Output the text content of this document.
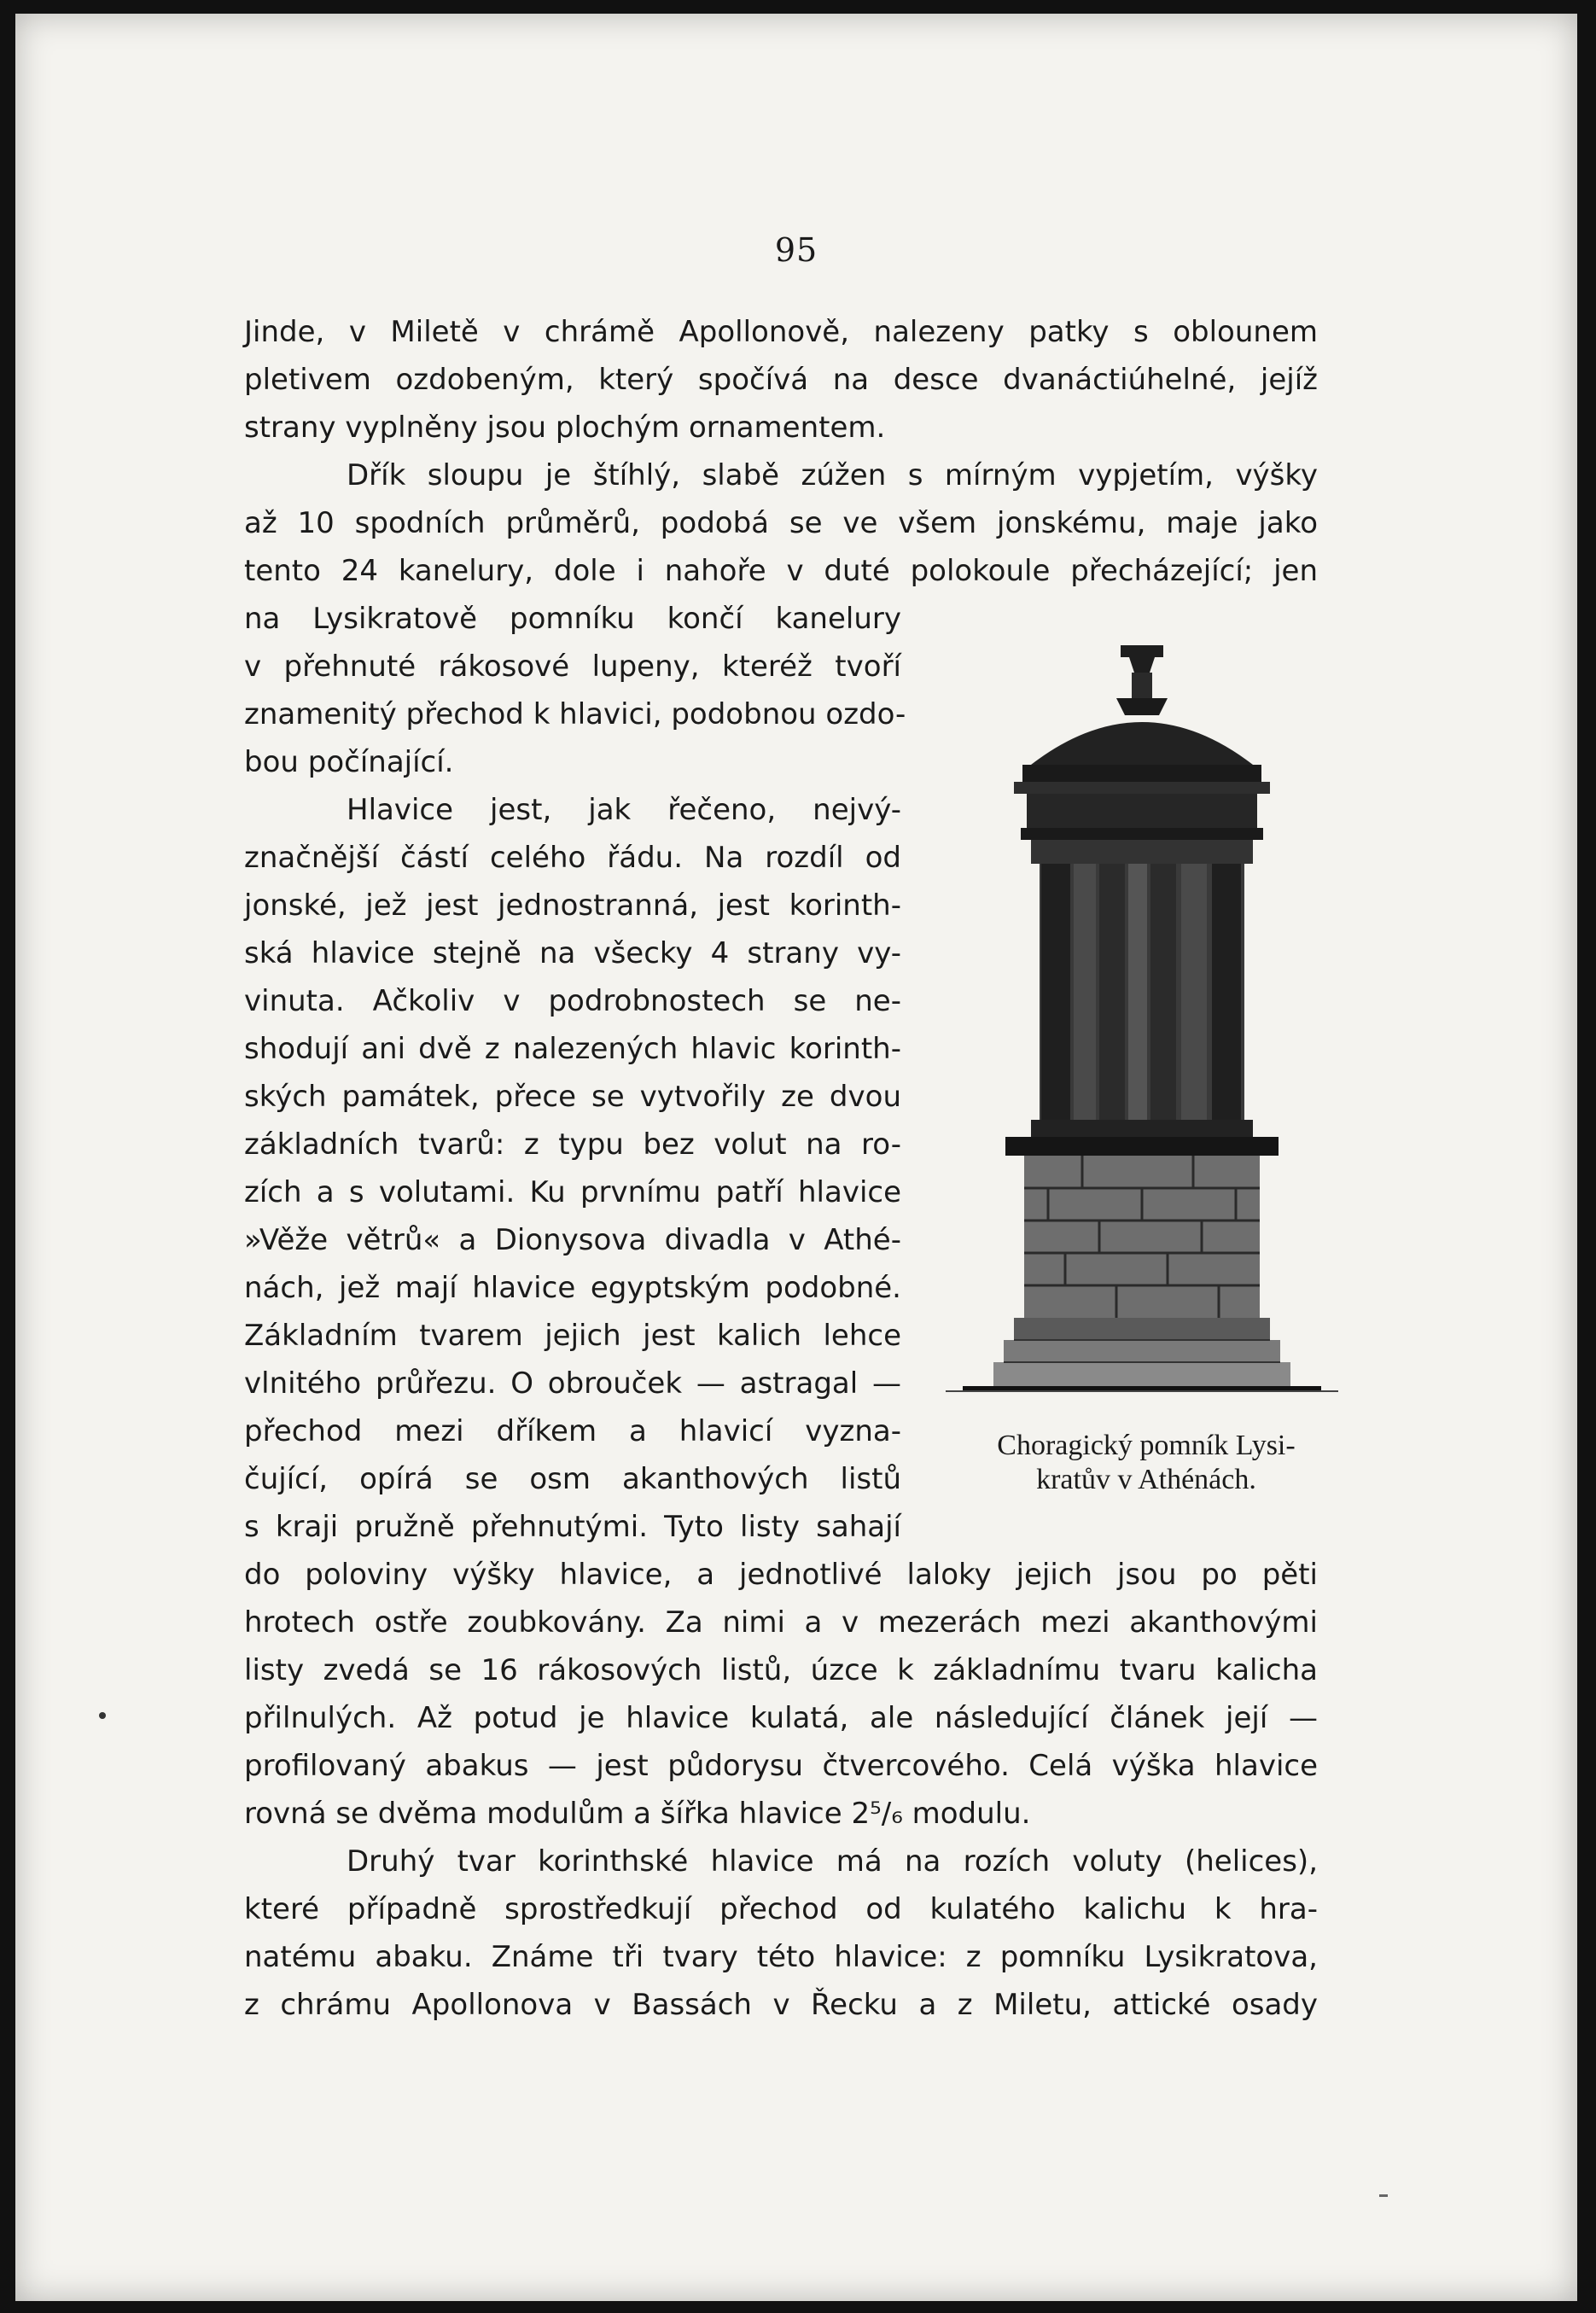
95
Jinde, v Miletě v chrámě Apollonově, nalezeny patky s oblounem
pletivem ozdobeným, který spočívá na desce dvanáctiúhelné, jejíž
strany vyplněny jsou plochým ornamentem.
Dřík sloupu je štíhlý, slabě zúžen s mírným vypjetím, výšky
až 10 spodních průměrů, podobá se ve všem jonskému, maje jako
tento 24 kanelury, dole i nahoře v duté polokoule přecházející; jen
na Lysikratově pomníku končí kanelury
v přehnuté rákosové lupeny, kteréž tvoří
znamenitý přechod k hlavici, podobnou ozdo-
bou počínající.
Hlavice jest, jak řečeno, nejvý-
značnější částí celého řádu. Na rozdíl od
jonské, jež jest jednostranná, jest korinth-
ská hlavice stejně na všecky 4 strany vy-
vinuta. Ačkoliv v podrobnostech se ne-
shodují ani dvě z nalezených hlavic korinth-
ských památek, přece se vytvořily ze dvou
základních tvarů: z typu bez volut na ro-
zích a s volutami. Ku prvnímu patří hlavice
»Věže větrů« a Dionysova divadla v Athé-
nách, jež mají hlavice egyptským podobné.
Základním tvarem jejich jest kalich lehce
vlnitého průřezu. O obrouček — astragal —
přechod mezi dříkem a hlavicí vyzna-
čující, opírá se osm akanthových listů
s kraji pružně přehnutými. Tyto listy sahají
do poloviny výšky hlavice, a jednotlivé laloky jejich jsou po pěti
hrotech ostře zoubkovány. Za nimi a v mezerách mezi akanthovými
listy zvedá se 16 rákosových listů, úzce k základnímu tvaru kalicha
přilnulých. Až potud je hlavice kulatá, ale následující článek její —
profilovaný abakus — jest půdorysu čtvercového. Celá výška hlavice
rovná se dvěma modulům a šířka hlavice 2⁵/₆ modulu.
Druhý tvar korinthské hlavice má na rozích voluty (helices),
které případně sprostředkují přechod od kulatého kalichu k hra-
natému abaku. Známe tři tvary této hlavice: z pomníku Lysikratova,
z chrámu Apollonova v Bassách v Řecku a z Miletu, attické osady
Choragický pomník Lysi-
kratův v Athénách.
